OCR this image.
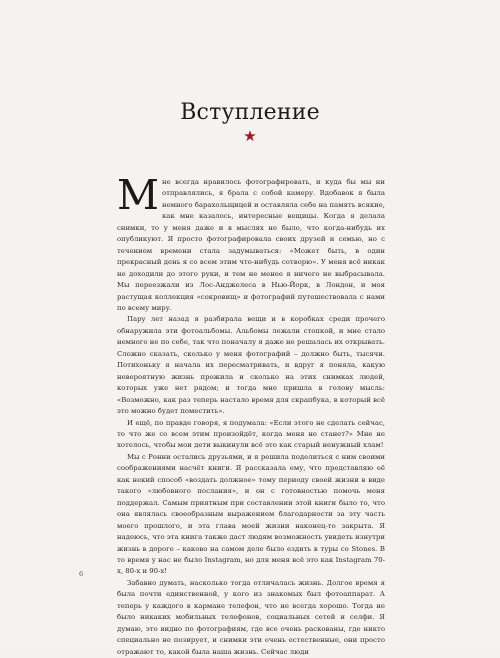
Вступление
★

Мне всегда нравилось фотографировать, и куда бы мы ни отправлялись, я брала с собой камеру. Вдобавок я была немного барахольщицей и оставляла себе на память всякие, как мне казалось, интересные вещицы. Когда я делала снимки, то у меня даже и в мыслях не было, что когда-нибудь их опубликуют. Я просто фотографировала своих друзей и семью, но с течением времени стала задумываться: «Может быть, в один прекрасный день я со всем этим что-нибудь сотворю». У меня всё никак не доходили до этого руки, и тем не менее я ничего не выбрасывала. Мы переезжали из Лос-Анджелеса в Нью-Йорк, в Лондон, и моя растущая коллекция «сокровищ» и фотографий путешествовала с нами по всему миру.

Пару лет назад я разбирала вещи и в коробках среди прочего обнаружила эти фотоальбомы. Альбомы лежали стопкой, и мне стало немного не по себе, так что поначалу я даже не решалась их открывать. Сложно сказать, сколько у меня фотографий – должно быть, тысячи. Потихоньку я начала их пересматривать, и вдруг я поняла, какую невероятную жизнь прожила и сколько на этих снимках людей, которых уже нет рядом; и тогда мне пришла в голову мысль: «Возможно, как раз теперь настало время для скрапбука, в который всё это можно будет поместить».

И ещё, по правде говоря, я подумала: «Если этого не сделать сейчас, то что же со всем этим произойдёт, когда меня не станет?» Мне не хотелось, чтобы мои дети выкинули всё это как старый ненужный хлам!

Мы с Ронни остались друзьями, и я решила поделиться с ним своими соображениями насчёт книги. Я рассказала ему, что представляю её как некий способ «воздать должное» тому периоду своей жизни в виде такого «любовного послания», и он с готовностью помочь меня поддержал. Самым приятным при составлении этой книги было то, что она являлась своеобразным выражением благодарности за эту часть моего прошлого, и эта глава моей жизни наконец-то закрыта. Я надеюсь, что эта книга также даст людям возможность увидеть изнутри жизнь в дороге – каково на самом деле было ездить в туры со Stones. В то время у нас не было Instagram, но для меня всё это как Instagram 70-х, 80-х и 90-х!

Забавно думать, насколько тогда отличалась жизнь. Долгое время я была почти единственной, у кого из знакомых был фотоаппарат. А теперь у каждого в кармане телефон, что не всегда хорошо. Тогда не было никаких мобильных телефонов, социальных сетей и селфи. Я думаю, это видно по фотографиям, где все очень раскованы, где никто специально не позирует, и снимки эти очень естественные, они просто отражают то, какой была наша жизнь. Сейчас люди

6
